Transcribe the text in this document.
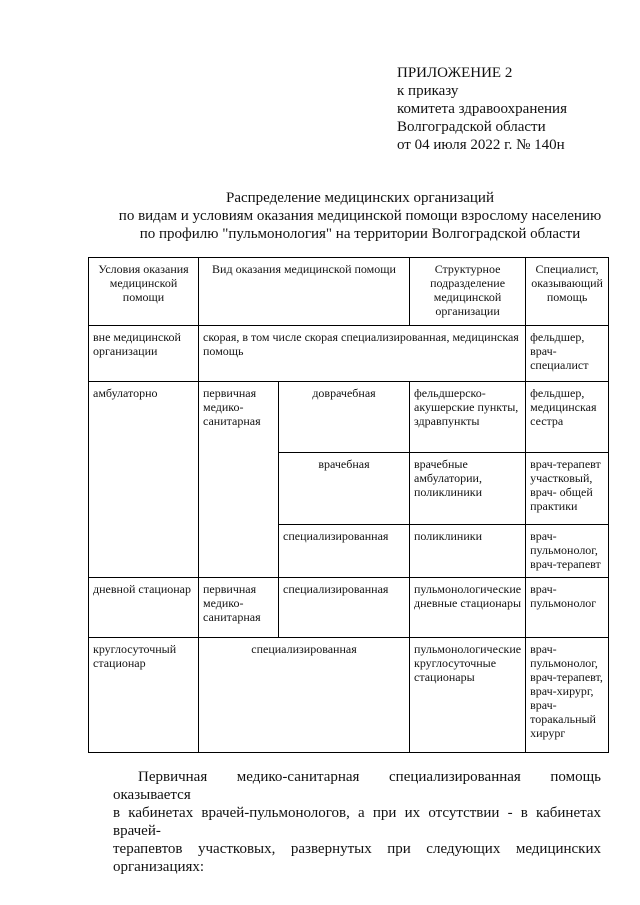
ПРИЛОЖЕНИЕ 2
к приказу
комитета здравоохранения
Волгоградской области
от 04 июля 2022 г. № 140н
Распределение медицинских организаций
по видам и условиям оказания медицинской помощи взрослому населению
по профилю "пульмонология" на территории Волгоградской области
Условия оказания медицинской помощи	Вид оказания медицинской помощи		Структурное подразделение медицинской организации	Специалист, оказывающий помощь
вне медицинской организации	скорая, в том числе скорая специализированная, медицинская помощь			фельдшер, врач-специалист
амбулаторно	первичная медико-санитарная	доврачебная	фельдшерско-акушерские пункты, здравпункты	фельдшер, медицинская сестра
		врачебная	врачебные амбулатории, поликлиники	врач-терапевт участковый, врач- общей практики
		специализированная	поликлиники	врач-пульмонолог, врач-терапевт
дневной стационар	первичная медико-санитарная	специализированная	пульмонологические дневные стационары	врач-пульмонолог
круглосуточный стационар	специализированная		пульмонологические круглосуточные стационары	врач-пульмонолог, врач-терапевт, врач-хирург, врач-торакальный хирург
Первичная медико-санитарная специализированная помощь оказывается
в кабинетах врачей-пульмонологов, а при их отсутствии - в кабинетах врачей-
терапевтов участковых, развернутых при следующих медицинских
организациях:
